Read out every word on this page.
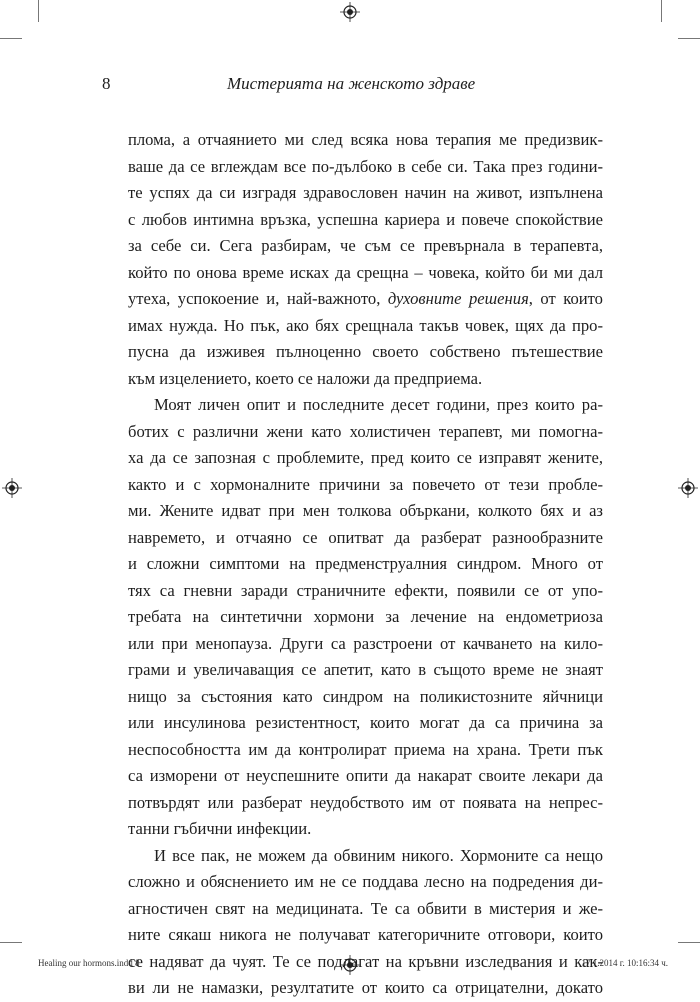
8	Мистерията на женското здраве
плома, а отчаянието ми след всяка нова терапия ме предизвик-
ваше да се вглеждам все по-дълбоко в себе си. Така през години-
те успях да си изградя здравословен начин на живот, изпълнена
с любов интимна връзка, успешна кариера и повече спокойствие
за себе си. Сега разбирам, че съм се превърнала в терапевта,
който по онова време исках да срещна – човека, който би ми дал
утеха, успокоение и, най-важното, духовните решения, от които
имах нужда. Но пък, ако бях срещнала такъв човек, щях да про-
пусна да изживея пълноценно своето собствено пътешествие
към изцелението, което се наложи да предприема.
Моят личен опит и последните десет години, през които ра-
ботих с различни жени като холистичен терапевт, ми помогна-
ха да се запозная с проблемите, пред които се изправят жените,
както и с хормоналните причини за повечето от тези пробле-
ми. Жените идват при мен толкова объркани, колкото бях и аз
навремето, и отчаяно се опитват да разберат разнообразните
и сложни симптоми на предменструалния синдром. Много от
тях са гневни заради страничните ефекти, появили се от упо-
требата на синтетични хормони за лечение на ендометриоза
или при менопауза. Други са разстроени от качването на кило-
грами и увеличаващия се апетит, като в същото време не знаят
нищо за състояния като синдром на поликистозните яйчници
или инсулинова резистентност, които могат да са причина за
неспособността им да контролират приема на храна. Трети пък
са изморени от неуспешните опити да накарат своите лекари да
потвърдят или разберат неудобството им от появата на непрес-
танни гъбични инфекции.
И все пак, не можем да обвиним никого. Хормоните са нещо
сложно и обяснението им не се поддава лесно на подредения ди-
агностичен свят на медицината. Те са обвити в мистерия и же-
ните сякаш никога не получават категоричните отговори, които
се надяват да чуят. Те се подлагат на кръвни изследвания и как-
ви ли не намазки, резултатите от които са отрицателни, докато
Healing our hormons.indd 8	17.1.2014 г. 10:16:34 ч.
